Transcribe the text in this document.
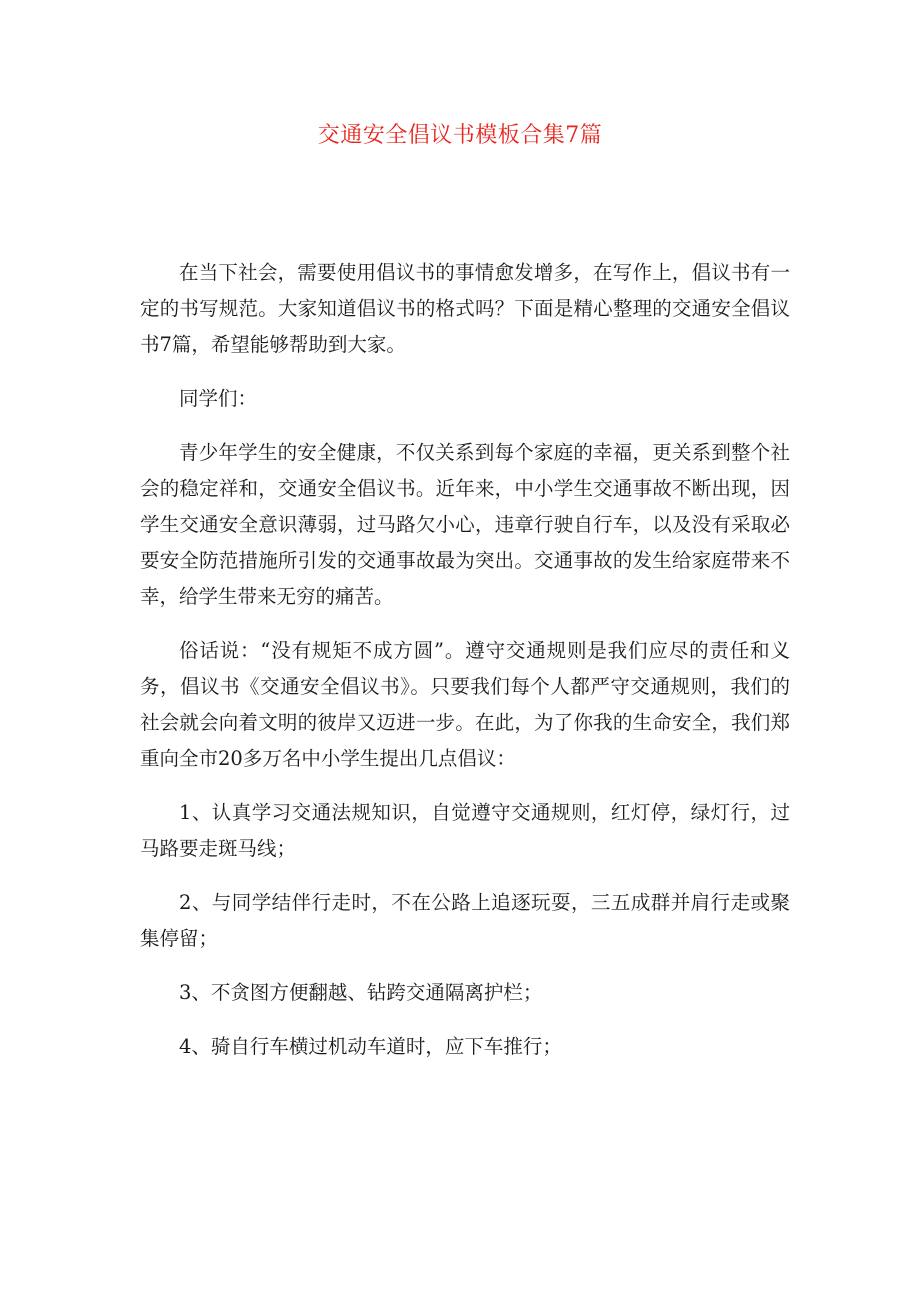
交通安全倡议书模板合集7篇

在当下社会，需要使用倡议书的事情愈发增多，在写作上，倡议书有一定的书写规范。大家知道倡议书的格式吗？下面是精心整理的交通安全倡议书7篇，希望能够帮助到大家。

同学们：

青少年学生的安全健康，不仅关系到每个家庭的幸福，更关系到整个社会的稳定祥和，交通安全倡议书。近年来，中小学生交通事故不断出现，因学生交通安全意识薄弱，过马路欠小心，违章行驶自行车，以及没有采取必要安全防范措施所引发的交通事故最为突出。交通事故的发生给家庭带来不幸，给学生带来无穷的痛苦。

俗话说：“没有规矩不成方圆”。遵守交通规则是我们应尽的责任和义务，倡议书《交通安全倡议书》。只要我们每个人都严守交通规则，我们的社会就会向着文明的彼岸又迈进一步。在此，为了你我的生命安全，我们郑重向全市20多万名中小学生提出几点倡议：

1、认真学习交通法规知识，自觉遵守交通规则，红灯停，绿灯行，过马路要走斑马线；

2、与同学结伴行走时，不在公路上追逐玩耍，三五成群并肩行走或聚集停留；

3、不贪图方便翻越、钻跨交通隔离护栏；

4、骑自行车横过机动车道时，应下车推行；
